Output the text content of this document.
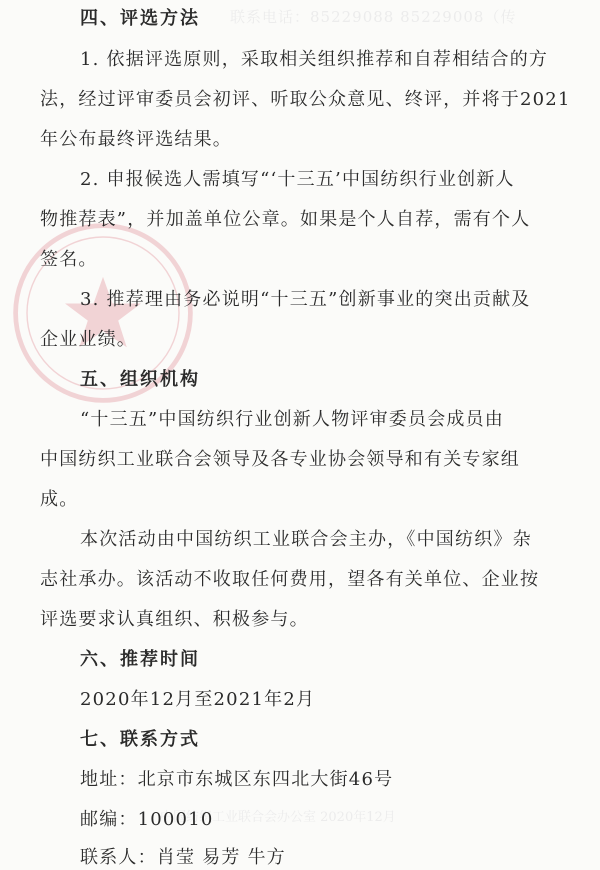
联系电话：85229088 85229008（传
中国纺织工业联合会办公室 2020年12月
四、评选方法
1. 依据评选原则，采取相关组织推荐和自荐相结合的方
法，经过评审委员会初评、听取公众意见、终评，并将于2021
年公布最终评选结果。
2. 申报候选人需填写“‘十三五’中国纺织行业创新人
物推荐表”，并加盖单位公章。如果是个人自荐，需有个人
签名。
3. 推荐理由务必说明“十三五”创新事业的突出贡献及
企业业绩。
五、组织机构
“十三五”中国纺织行业创新人物评审委员会成员由
中国纺织工业联合会领导及各专业协会领导和有关专家组
成。
本次活动由中国纺织工业联合会主办，《中国纺织》杂
志社承办。该活动不收取任何费用，望各有关单位、企业按
评选要求认真组织、积极参与。
六、推荐时间
2020年12月至2021年2月
七、联系方式
地址：北京市东城区东四北大街46号
邮编：100010
联系人：肖莹 易芳 牛方
